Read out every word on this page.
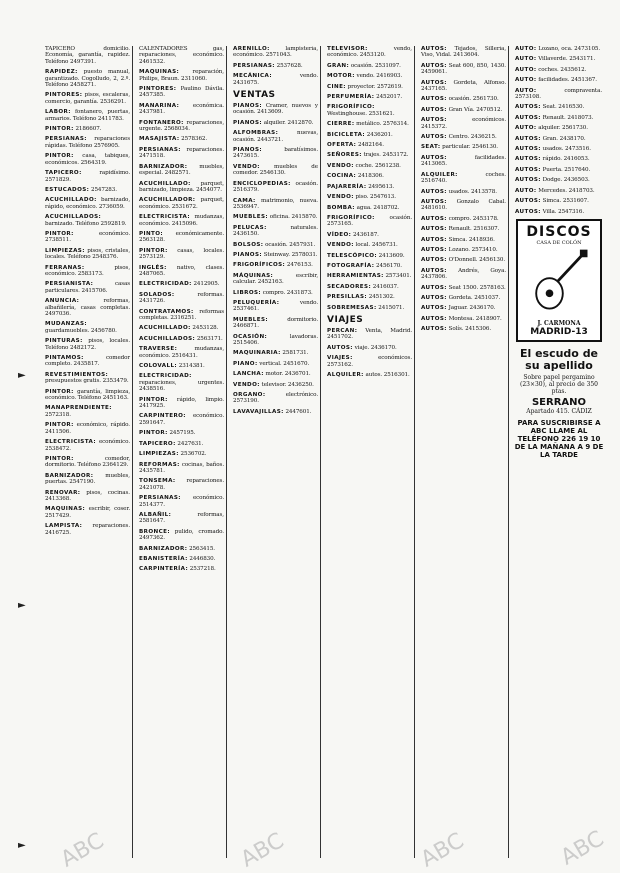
TAPICERO domicilio. Economía, garantía, rapidez. Teléfono 2497391.

RAPIDEZ: puesto manual, garantizado. Cogolludo, 2, 2.º. Teléfono 2458271.

PINTORES: pisos, escaleras, comercio, garantía. 2536291.

LABOR: fontanero, puertas, armarios. Teléfono 2411783.

PINTOR: 2186607.

PERSIANAS: reparaciones rápidas. Teléfono 2576905.

PINTOR: casa, tabiques, económicos. 2564319.

TAPICERO: rapidísimo. 2571829.

ESTUCADOS: 2547283.

ACUCHILLADO: barnizado, rápido, económico. 2736059.

ACUCHILLADOS: barnizado. Teléfono 2592819.

PINTOR: económico. 2738511.

LIMPIEZAS: pisos, cristales, locales. Teléfono 2548376.

FERRANAS: pisos, económico. 2583173.

PERSIANISTA: casas particulares. 2415706.

ANUNCIA: reformas, albañilería, casas completas. 2497036.

MUDANZAS: guardamuebles. 2456780.

PINTURAS: pisos, locales. Teléfono 2482172.

PINTAMOS: comedor completo. 2435817.

REVESTIMIENTOS: presupuestos gratis. 2353479.

PINTOR: garantía, limpieza, económico. Teléfono 2451163.

MANAPRENDIENTE: 2572318.

PINTOR: económico, rápido. 2411506.

ELECTRICISTA: económico. 2538472.

PINTOR: comedor, dormitorio. Teléfono 2364129.

BARNIZADOR: muebles, puertas. 2547190.

RENOVAR: pisos, cocinas. 2413368.

MAQUINAS: escribir, coser. 2517429.

LAMPISTA: reparaciones. 2416725.

CALENTADORES gas, reparaciones, económico. 2461532.

MAQUINAS: reparación, Philips, Braun. 2311060.

PINTORES: Paulino Dávila. 2457385.

MANARINA: económica. 2437981.

FONTANERO: reparaciones, urgente. 2568034.

MASAJISTA: 2578362.

PERSIANAS: reparaciones. 2471518.

BARNIZADOR: muebles, especial. 2482571.

ACUCHILLADO: parquet, barnizado, limpieza. 2454077.

ACUCHILLADOR: parquet, económico. 2531672.

ELECTRICISTA: mudanzas, económico. 2415096.

PINTO: económicamente. 2563128.

PINTOR: casas, locales. 2573129.

INGLÉS: nativo, clases. 2487065.

ELECTRICIDAD: 2412905.

SOLADOS: reformas. 2431726.

CONTRATAMOS: reformas completas. 2316251.

ACUCHILLADO: 2453128.

ACUCHILLADOS: 2563171.

TRAVERSE: mudanzas, económico. 2516431.

COLOVALL: 2314381.

ELECTRICIDAD: reparaciones, urgentes. 2438516.

PINTOR: rápido, limpio. 2417925.

CARPINTERO: económico. 2591647.

PINTOR: 2457195.

TAPICERO: 2427631.

LIMPIEZAS: 2536702.

REFORMAS: cocinas, baños. 2435781.

TONSEMA: reparaciones. 2421078.

PERSIANAS: económico. 2514377.

ALBAÑIL: reformas, 2581647.

BRONCE: pulido, cromado. 2497362.

BARNIZADOR: 2563415.

EBANISTERÍA: 2446830.

CARPINTERÍA: 2537218.

ARENILLO: lampistería, económico. 2571043.

PERSIANAS: 2537628.

MECÁNICA: vendo. 2431675.

VENTAS

PIANOS: Cramer, nuevos y ocasión. 2413609.

PIANOS: alquiler. 2412870.

ALFOMBRAS: nuevas, ocasión. 2443721.

PIANOS: baratísimos. 2473615.

VENDO: muebles de comedor. 2546130.

ENCICLOPEDIAS: ocasión. 2516379.

CAMA: matrimonio, nueva. 2536947.

MUEBLES: oficina. 2415870.

PELUCAS: naturales. 2436150.

BOLSOS: ocasión. 2457931.

PIANOS: Steinway. 2578031.

FRIGORÍFICOS: 2476153.

MÁQUINAS: escribir, calcular. 2452163.

LIBROS: compro. 2431873.

PELUQUERÍA: vendo. 2537461.

MUEBLES: dormitorio. 2466871.

OCASIÓN: lavadoras. 2515406.

MAQUINARIA: 2581731.

PIANO: vertical. 2451670.

LANCHA: motor. 2436701.

VENDO: televisor. 2436250.

ORGANO: electrónico. 2573190.

LAVAVAJILLAS: 2447601.

TELEVISOR: vendo, económico. 2453120.

GRAN: ocasión. 2531097.

MOTOR: vendo. 2416903.

CINE: proyector. 2572619.

PERFUMERÍA: 2452017.

FRIGORÍFICO: Westinghouse. 2531621.

CIERRE: metálico. 2576314.

BICICLETA: 2436201.

OFERTA: 2482164.

SEÑORES: trajes. 2453172.

VENDO: coche. 2561238.

COCINA: 2418306.

PAJARERÍA: 2495613.

VENDO: piso. 2547613.

BOMBA: agua. 2418702.

FRIGORÍFICO: ocasión. 2573165.

VÍDEO: 2436187.

VENDO: local. 2456731.

TELESCÓPICO: 2413609.

FOTOGRAFÍA: 2456170.

HERRAMIENTAS: 2573401.

SECADORES: 2416037.

PRESILLAS: 2451302.

SOBREMESAS: 2415071.

VIAJES

PERCAN: Venta, Madrid. 2451702.

AUTOS: viaje. 2436170.

VIAJES: económicos. 2573162.

ALQUILER: autos. 2516301.

AUTOS: Tejados, Sillería, Viso, Vidal. 2413604.

AUTOS: Seat 600, 850, 1430. 2459061.

AUTOS: Gordeta, Alfonso. 2437165.

AUTOS: ocasión. 2561730.

AUTOS: Gran Vía. 2470512.

AUTOS: económicos. 2415372.

AUTOS: Centro. 2436215.

SEAT: particular. 2546130.

AUTOS: facilidades. 2413065.

ALQUILER: coches. 2516740.

AUTOS: usados. 2413578.

AUTOS: Gonzalo Cabal. 2481610.

AUTOS: compro. 2453178.

AUTOS: Renault. 2516307.

AUTOS: Simca. 2418936.

AUTOS: Lozano. 2573410.

AUTOS: O'Donnell. 2456130.

AUTOS: Andrés, Goya. 2437806.

AUTOS: Seat 1500. 2578163.

AUTOS: Gordeta. 2451037.

AUTOS: Jaguar. 2436170.

AUTOS: Montesa. 2418907.

AUTOS: Solís. 2415306.

AUTO: Lozano, oca. 2473105.

AUTO: Villaverde. 2543171.

AUTO: coches. 2435612.

AUTO: facilidades. 2451367.

AUTO: compraventa. 2573108.

AUTOS: Seat. 2416530.

AUTOS: Renault. 2418073.

AUTO: alquiler. 2561730.

AUTOS: Gran. 2438170.

AUTOS: usados. 2473516.

AUTOS: rápido. 2416053.

AUTOS: Puerta. 2517640.

AUTOS: Dodge. 2436503.

AUTO: Mercedes. 2418703.

AUTOS: Simca. 2531607.

AUTOS: Villa. 2547316.

DISCOS
CASA DE COLÓN
J. CARMONA
MADRID-13
El escudo de su apellido
Sobre papel pergamino (23×30), al precio de 350 ptas.
SERRANO
Apartado 415. CÁDIZ
PARA SUSCRIBIRSE A ABC LLAME AL TELÉFONO 226 19 10 DE LA MAÑANA A 9 DE LA TARDE
►
►
► ABC	ABC	ABC	ABC
